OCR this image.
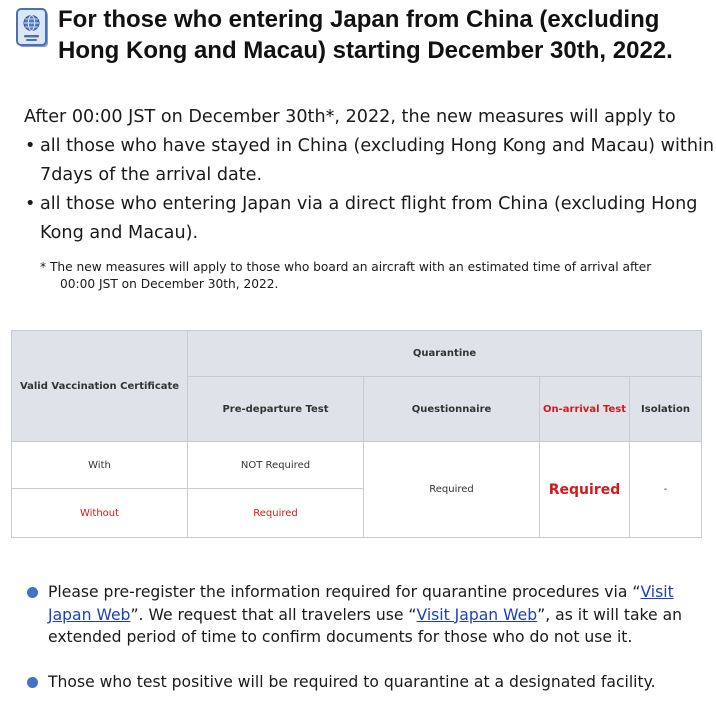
For those who entering Japan from China (excluding
Hong Kong and Macau) starting December 30th, 2022.

After 00:00 JST on December 30th*, 2022, the new measures will apply to

• all those who have stayed in China (excluding Hong Kong and Macau) within
7days of the arrival date.
• all those who entering Japan via a direct flight from China (excluding Hong
Kong and Macau).
* The new measures will apply to those who board an aircraft with an estimated time of arrival after
00:00 JST on December 30th, 2022.
Valid Vaccination Certificate	Quarantine			
	Pre-departure Test	Questionnaire	On-arrival Test	Isolation
With	NOT Required	Required	Required	-
Without	Required			
Please pre-register the information required for quarantine procedures via “Visit Japan Web”. We request that all travelers use “Visit Japan Web”, as it will take an extended period of time to confirm documents for those who do not use it.
Those who test positive will be required to quarantine at a designated facility.
